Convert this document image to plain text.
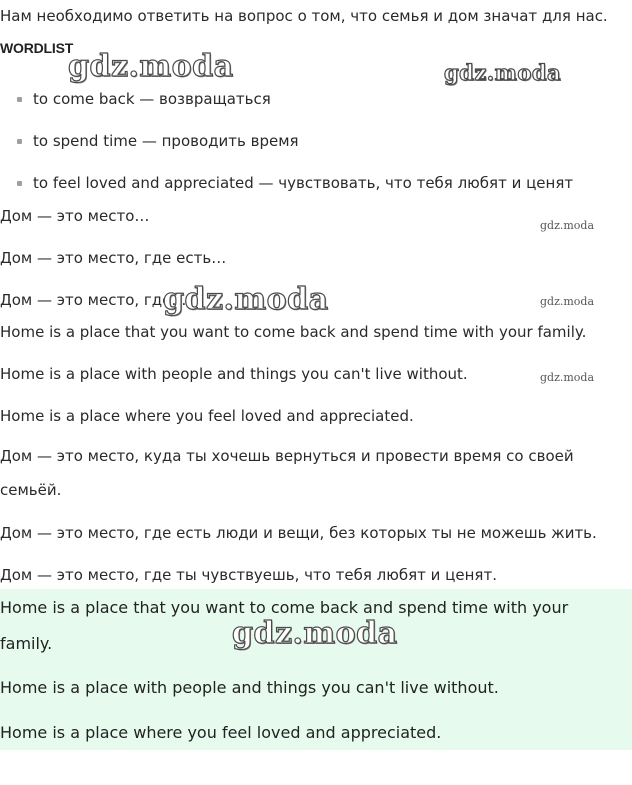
Нам необходимо ответить на вопрос о том, что семья и дом значат для нас.
WORDLIST
to come back — возвращаться
to spend time — проводить время
to feel loved and appreciated — чувствовать, что тебя любят и ценят
Дом — это место…
Дом — это место, где есть…
Дом — это место, где…
Home is a place that you want to come back and spend time with your family.
Home is a place with people and things you can't live without.
Home is a place where you feel loved and appreciated.
Дом — это место, куда ты хочешь вернуться и провести время со своей семьёй.
Дом — это место, где есть люди и вещи, без которых ты не можешь жить.
Дом — это место, где ты чувствуешь, что тебя любят и ценят.
Home is a place that you want to come back and spend time with your family.
Home is a place with people and things you can't live without.
Home is a place where you feel loved and appreciated.
gdz.moda	gdz.moda
gdz.moda
gdz.moda	gdz.moda
gdz.moda
gdz.moda
